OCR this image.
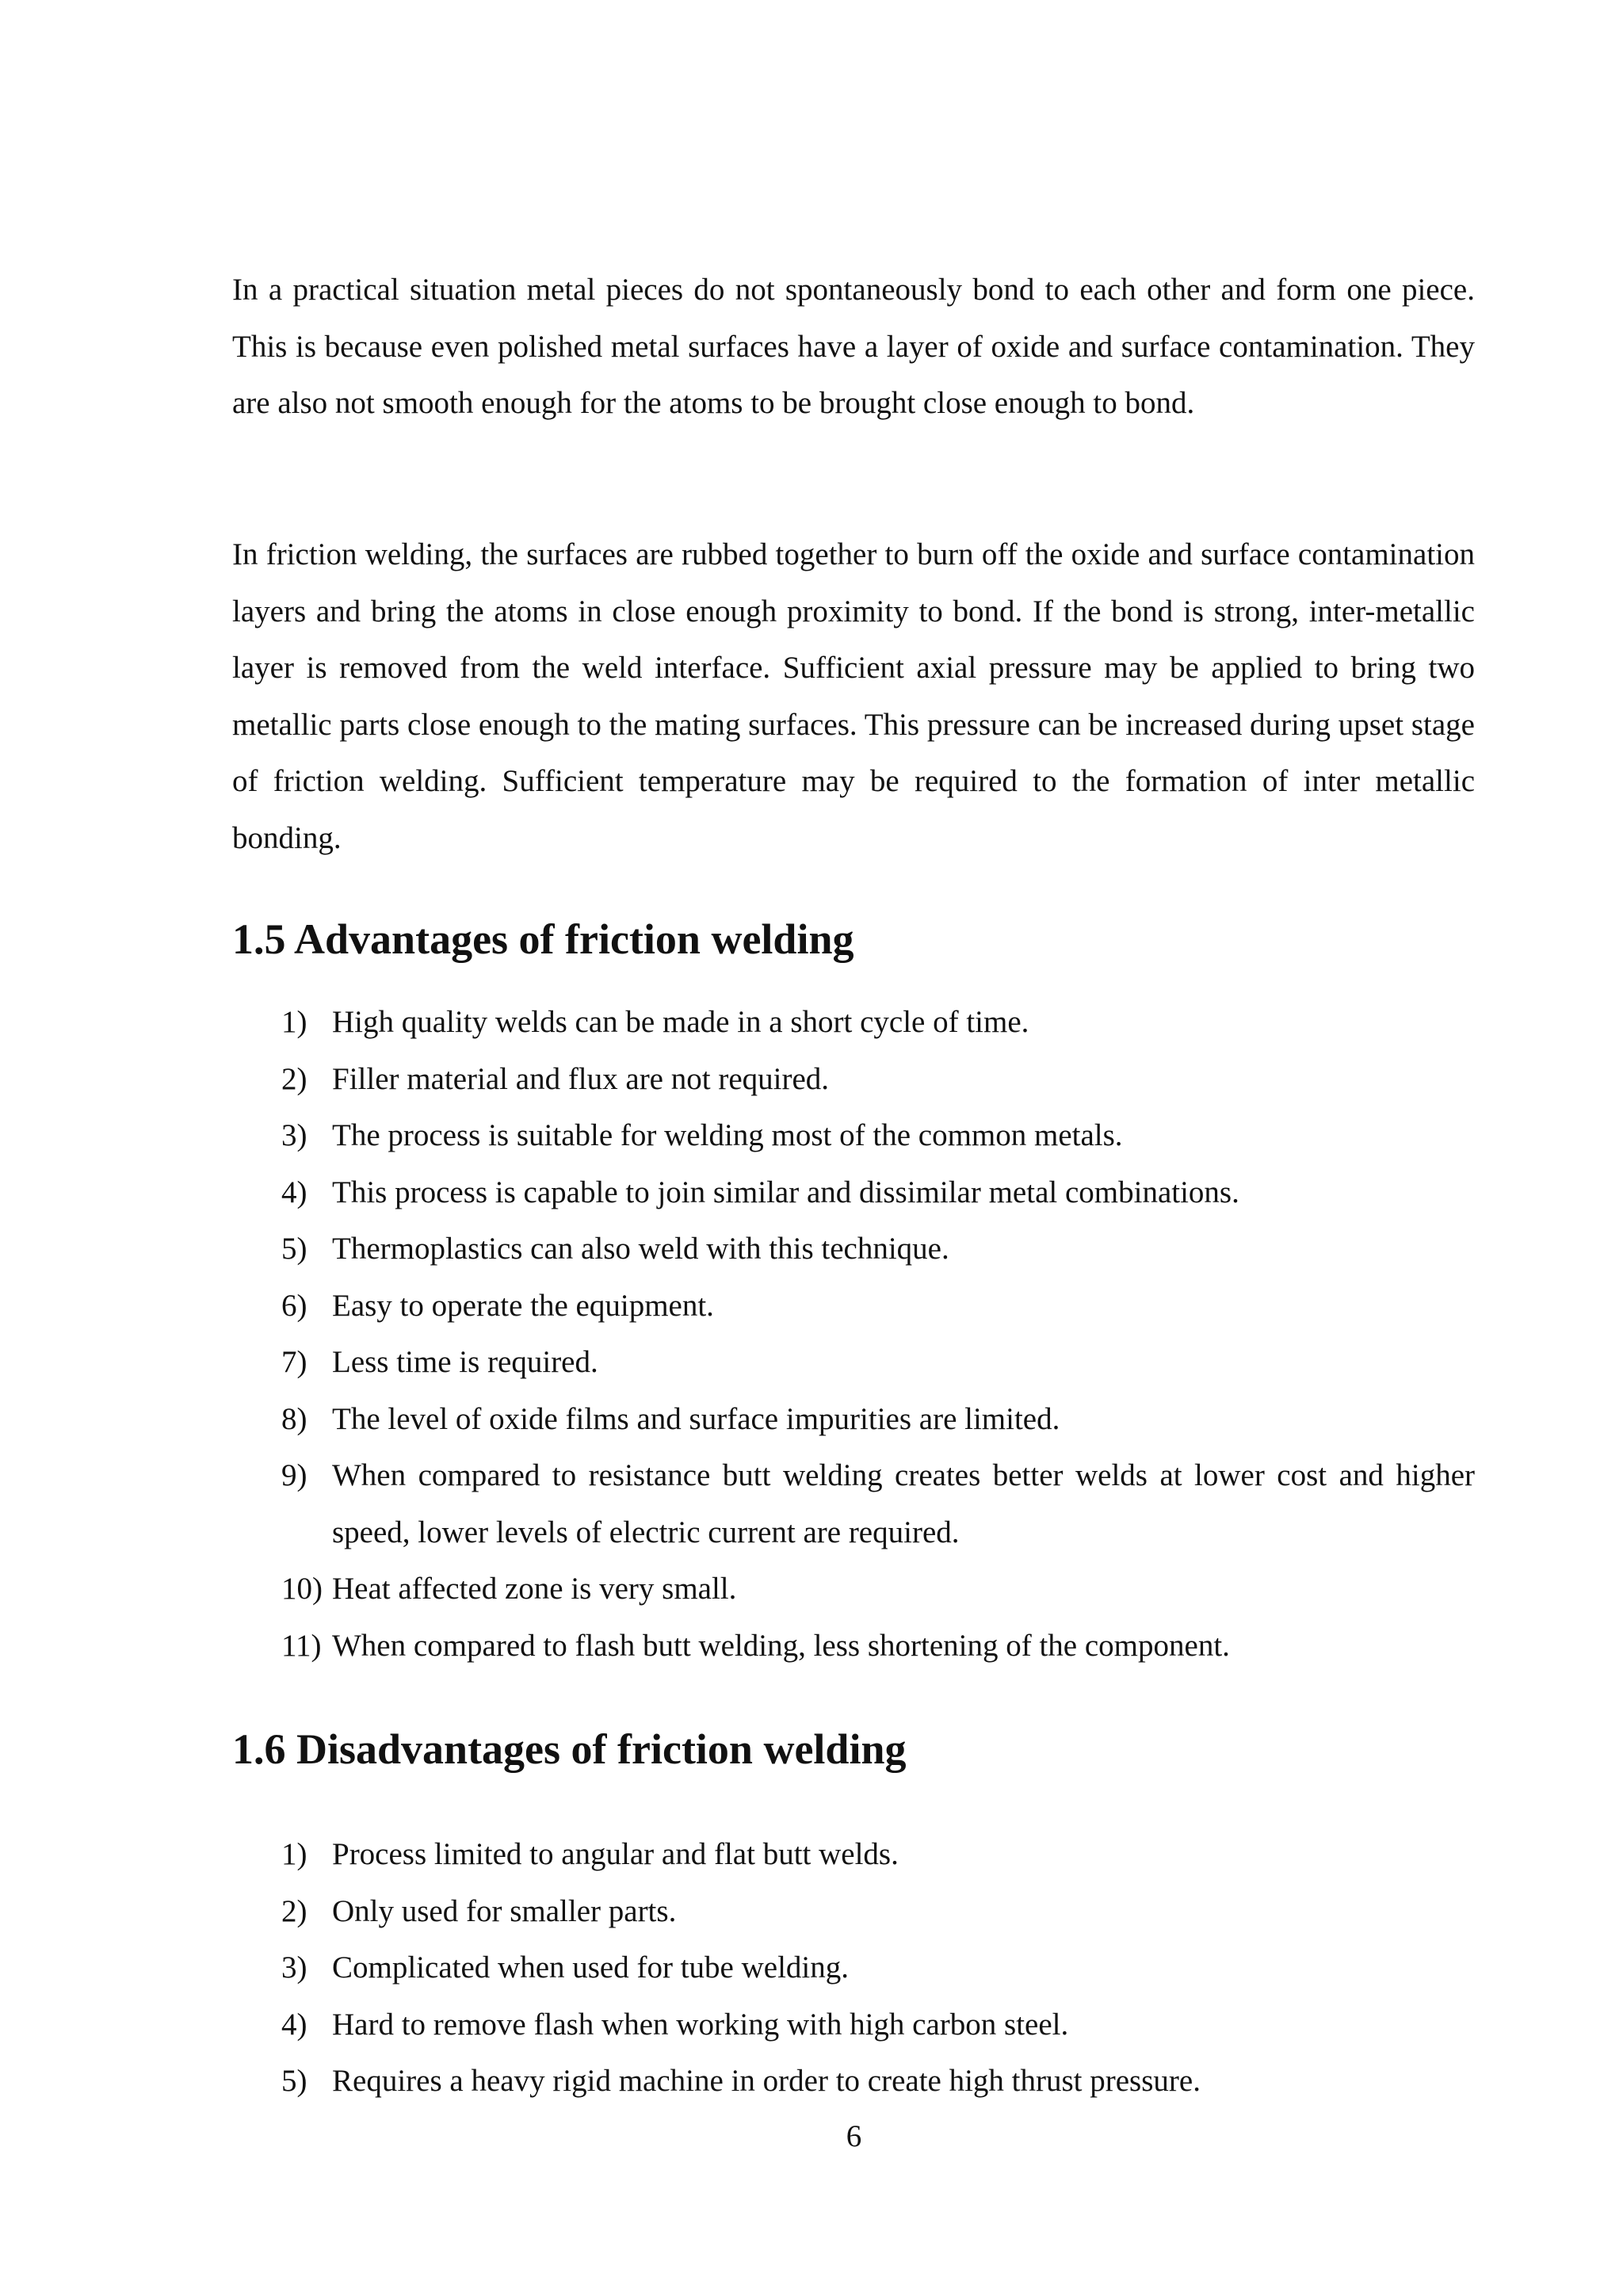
In a practical situation metal pieces do not spontaneously bond to each other and form one piece. This is because even polished metal surfaces have a layer of oxide and surface contamination. They are also not smooth enough for the atoms to be brought close enough to bond.

In friction welding, the surfaces are rubbed together to burn off the oxide and surface contamination layers and bring the atoms in close enough proximity to bond. If the bond is strong, inter-metallic layer is removed from the weld interface. Sufficient axial pressure may be applied to bring two metallic parts close enough to the mating surfaces. This pressure can be increased during upset stage of friction welding. Sufficient temperature may be required to the formation of inter metallic bonding.

1.5 Advantages of friction welding
1) High quality welds can be made in a short cycle of time.
2) Filler material and flux are not required.
3) The process is suitable for welding most of the common metals.
4) This process is capable to join similar and dissimilar metal combinations.
5) Thermoplastics can also weld with this technique.
6) Easy to operate the equipment.
7) Less time is required.
8) The level of oxide films and surface impurities are limited.
9) When compared to resistance butt welding creates better welds at lower cost and higher speed, lower levels of electric current are required.
10) Heat affected zone is very small.
11) When compared to flash butt welding, less shortening of the component.
1.6 Disadvantages of friction welding
1) Process limited to angular and flat butt welds.
2) Only used for smaller parts.
3) Complicated when used for tube welding.
4) Hard to remove flash when working with high carbon steel.
5) Requires a heavy rigid machine in order to create high thrust pressure.
6
